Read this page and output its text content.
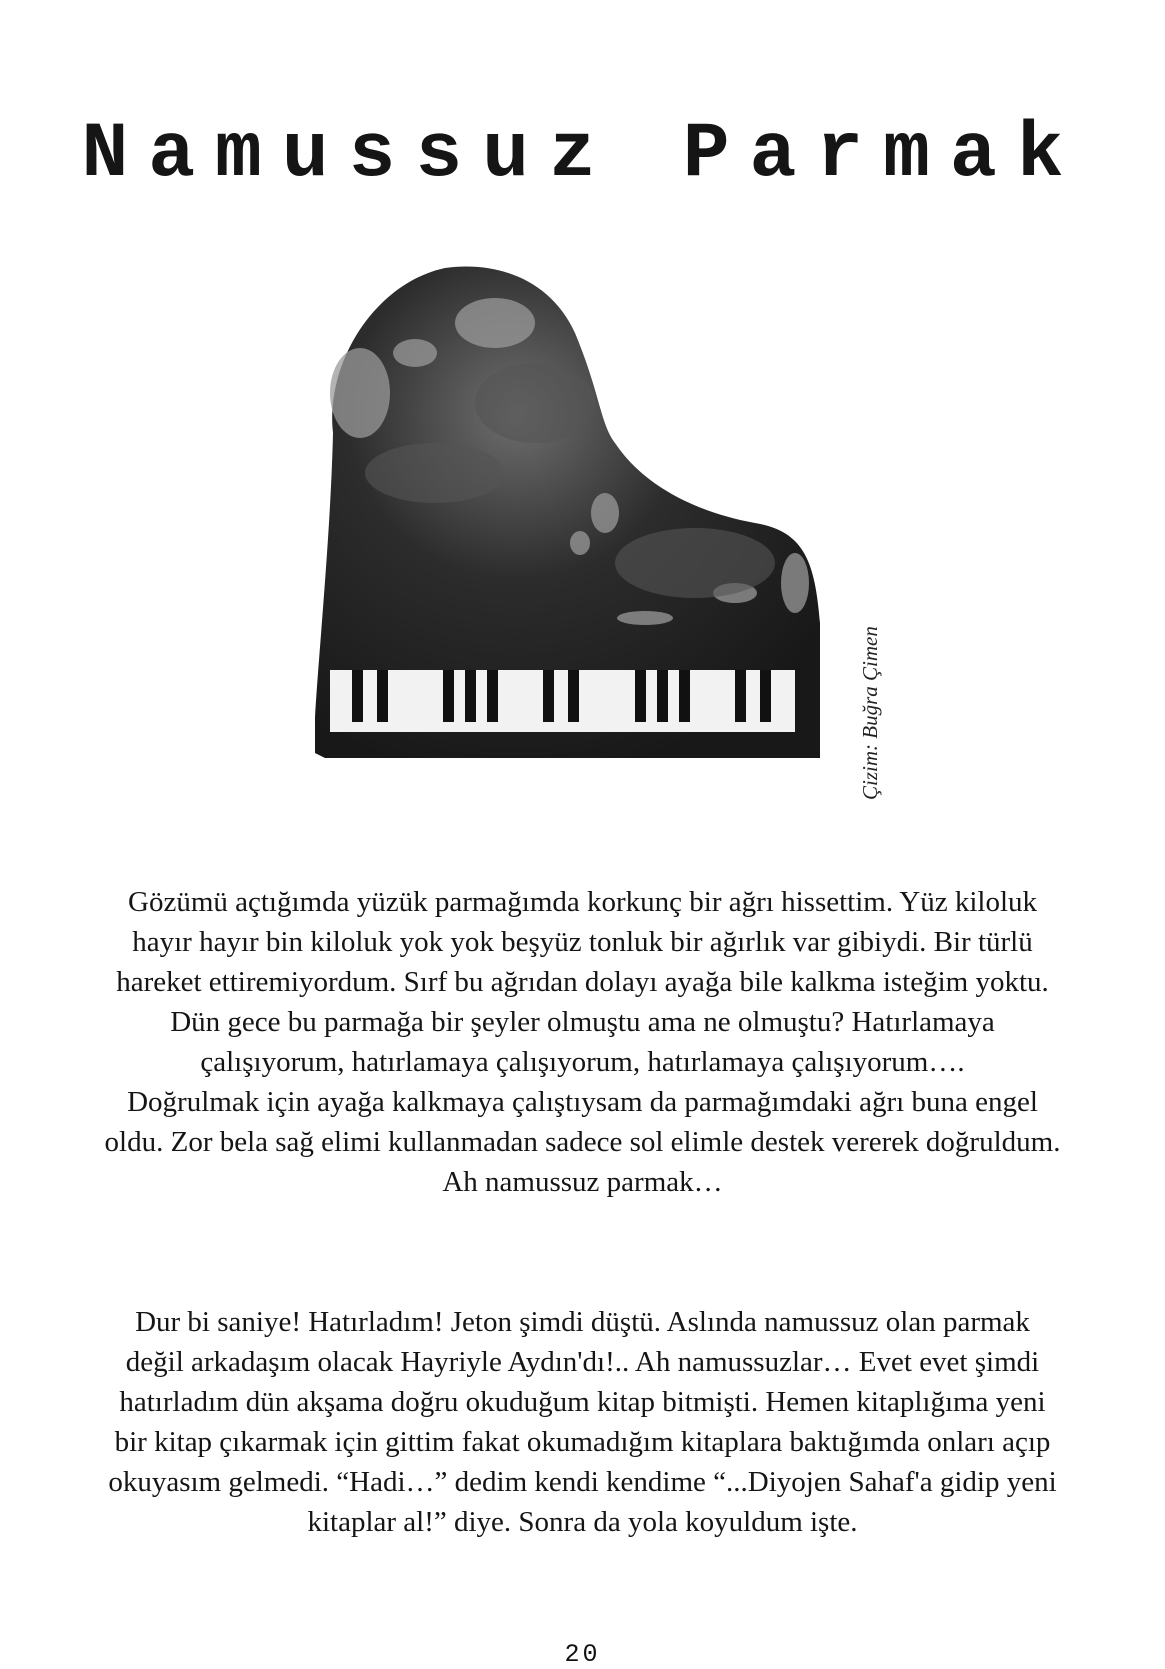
Namussuz Parmak
Çizim: Buğra Çimen

Gözümü açtığımda yüzük parmağımda korkunç bir ağrı hissettim. Yüz kiloluk
hayır hayır bin kiloluk yok yok beşyüz tonluk bir ağırlık var gibiydi. Bir türlü
hareket ettiremiyordum. Sırf bu ağrıdan dolayı ayağa bile kalkma isteğim yoktu.
Dün gece bu parmağa bir şeyler olmuştu ama ne olmuştu? Hatırlamaya
çalışıyorum, hatırlamaya çalışıyorum, hatırlamaya çalışıyorum….
Doğrulmak için ayağa kalkmaya çalıştıysam da parmağımdaki ağrı buna engel
oldu. Zor bela sağ elimi kullanmadan sadece sol elimle destek vererek doğruldum.
Ah namussuz parmak…

Dur bi saniye! Hatırladım! Jeton şimdi düştü. Aslında namussuz olan parmak
değil arkadaşım olacak Hayriyle Aydın'dı!.. Ah namussuzlar… Evet evet şimdi
hatırladım dün akşama doğru okuduğum kitap bitmişti. Hemen kitaplığıma yeni
bir kitap çıkarmak için gittim fakat okumadığım kitaplara baktığımda onları açıp
okuyasım gelmedi. “Hadi…” dedim kendi kendime “...Diyojen Sahaf'a gidip yeni
kitaplar al!” diye. Sonra da yola koyuldum işte.

20
